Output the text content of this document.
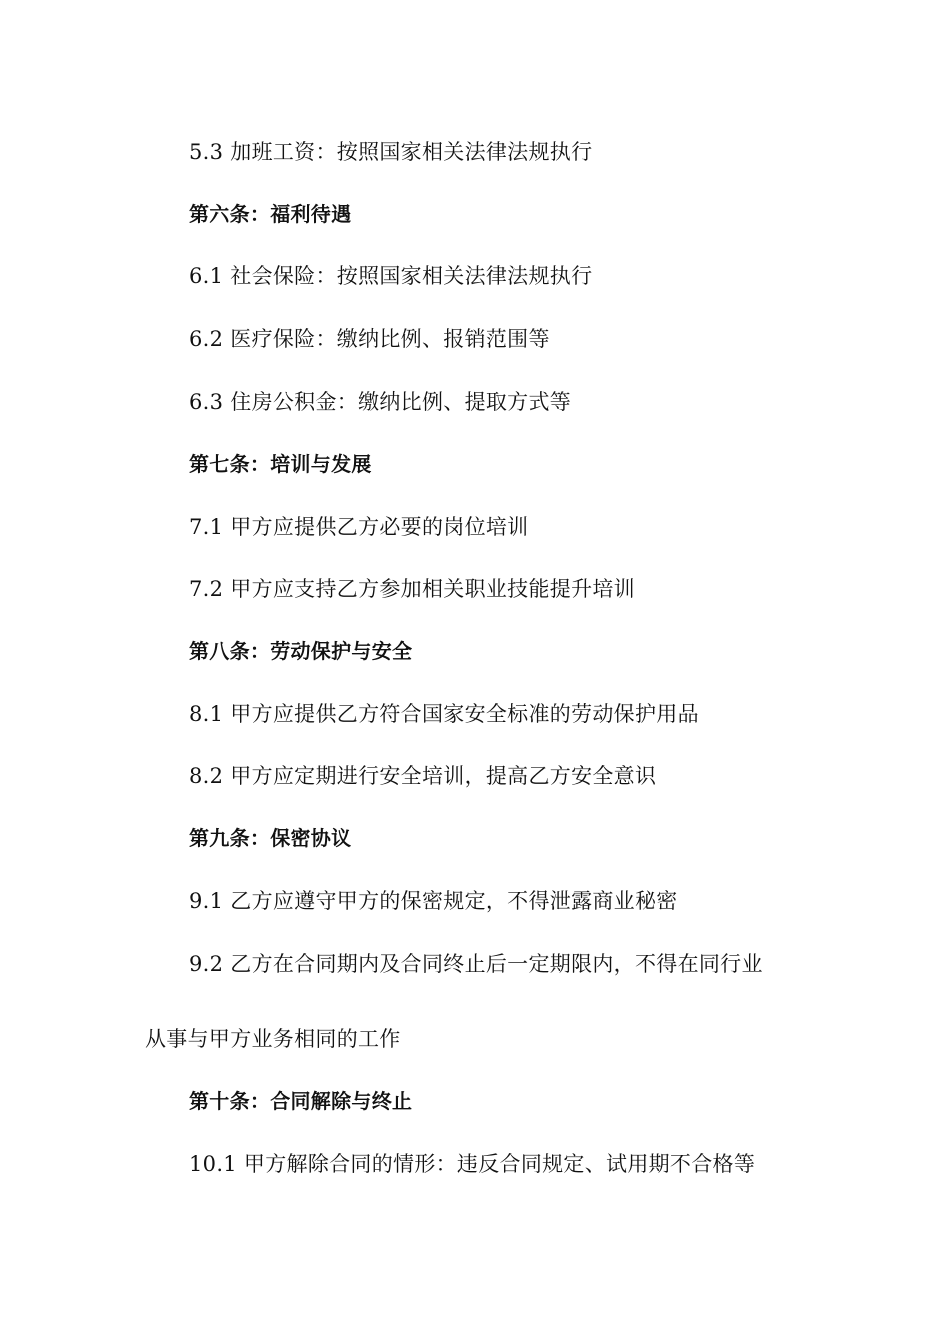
5.3 加班工资：按照国家相关法律法规执行
第六条：福利待遇
6.1 社会保险：按照国家相关法律法规执行
6.2 医疗保险：缴纳比例、报销范围等
6.3 住房公积金：缴纳比例、提取方式等
第七条：培训与发展
7.1 甲方应提供乙方必要的岗位培训
7.2 甲方应支持乙方参加相关职业技能提升培训
第八条：劳动保护与安全
8.1 甲方应提供乙方符合国家安全标准的劳动保护用品
8.2 甲方应定期进行安全培训，提高乙方安全意识
第九条：保密协议
9.1 乙方应遵守甲方的保密规定，不得泄露商业秘密
9.2 乙方在合同期内及合同终止后一定期限内，不得在同行业
从事与甲方业务相同的工作
第十条：合同解除与终止
10.1 甲方解除合同的情形：违反合同规定、试用期不合格等
